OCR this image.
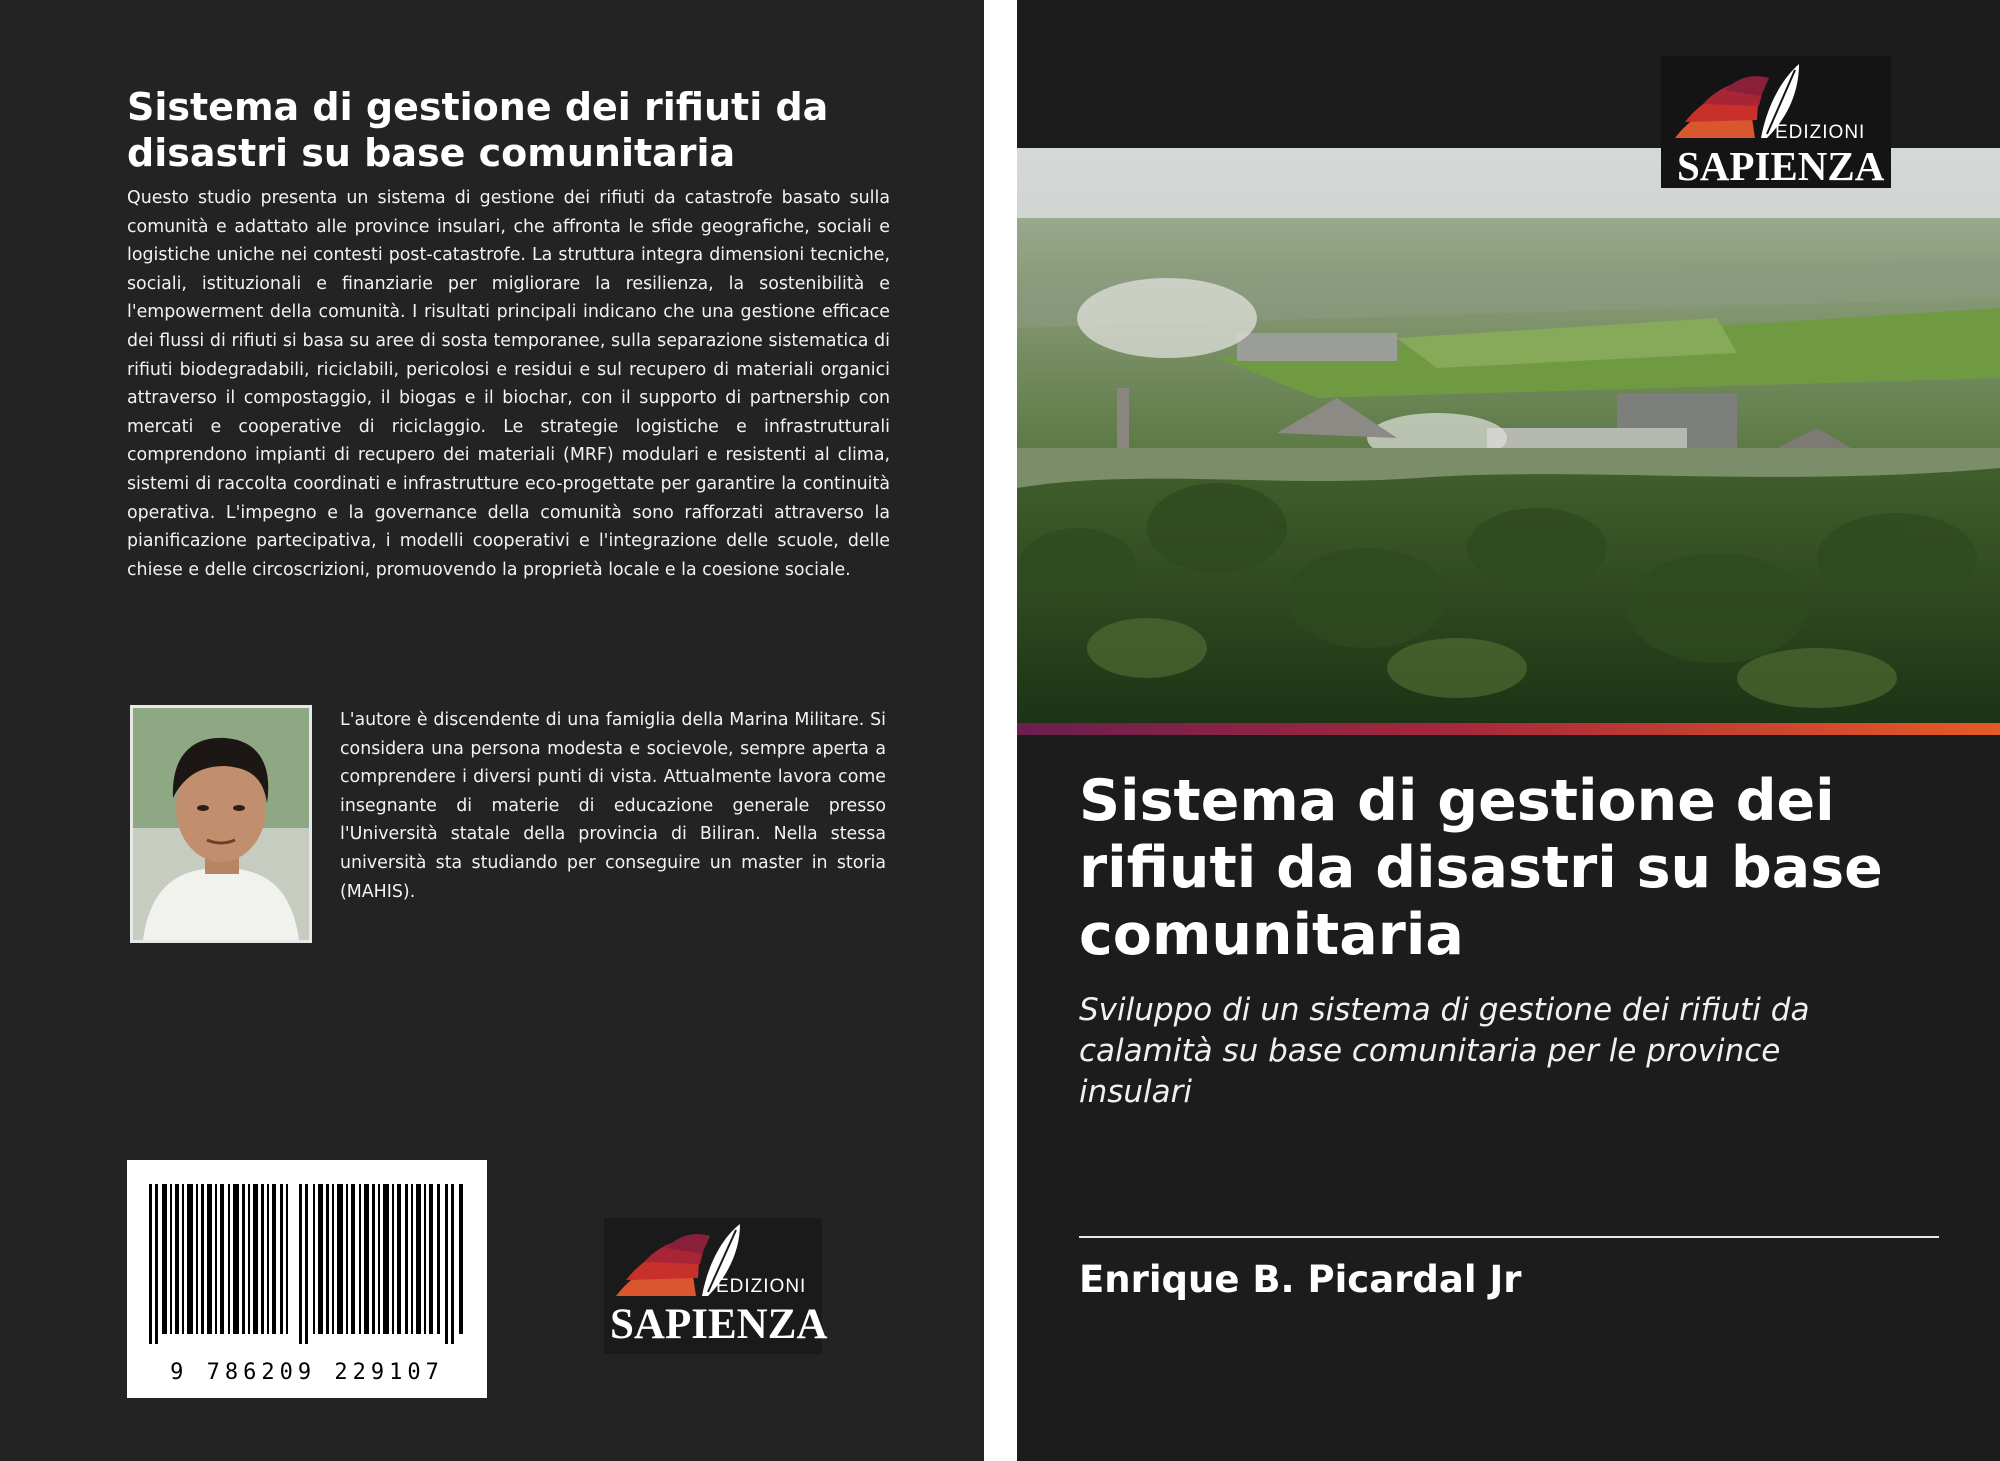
Sistema di gestione dei rifiuti da disastri su base comunitaria

Questo studio presenta un sistema di gestione dei rifiuti da catastrofe basato sulla comunità e adattato alle province insulari, che affronta le sfide geografiche, sociali e logistiche uniche nei contesti post-catastrofe. La struttura integra dimensioni tecniche, sociali, istituzionali e finanziarie per migliorare la resilienza, la sostenibilità e l'empowerment della comunità. I risultati principali indicano che una gestione efficace dei flussi di rifiuti si basa su aree di sosta temporanee, sulla separazione sistematica di rifiuti biodegradabili, riciclabili, pericolosi e residui e sul recupero di materiali organici attraverso il compostaggio, il biogas e il biochar, con il supporto di partnership con mercati e cooperative di riciclaggio. Le strategie logistiche e infrastrutturali comprendono impianti di recupero dei materiali (MRF) modulari e resistenti al clima, sistemi di raccolta coordinati e infrastrutture eco-progettate per garantire la continuità operativa. L'impegno e la governance della comunità sono rafforzati attraverso la pianificazione partecipativa, i modelli cooperativi e l'integrazione delle scuole, delle chiese e delle circoscrizioni, promuovendo la proprietà locale e la coesione sociale.

L'autore è discendente di una famiglia della Marina Militare. Si considera una persona modesta e socievole, sempre aperta a comprendere i diversi punti di vista. Attualmente lavora come insegnante di materie di educazione generale presso l'Università statale della provincia di Biliran. Nella stessa università sta studiando per conseguire un master in storia (MAHIS).

9 786209 229107
EDIZIONI
SAPIENZA
EDIZIONI
SAPIENZA
Sistema di gestione dei rifiuti da disastri su base comunitaria

Sviluppo di un sistema di gestione dei rifiuti da calamità su base comunitaria per le province insulari

Enrique B. Picardal Jr
